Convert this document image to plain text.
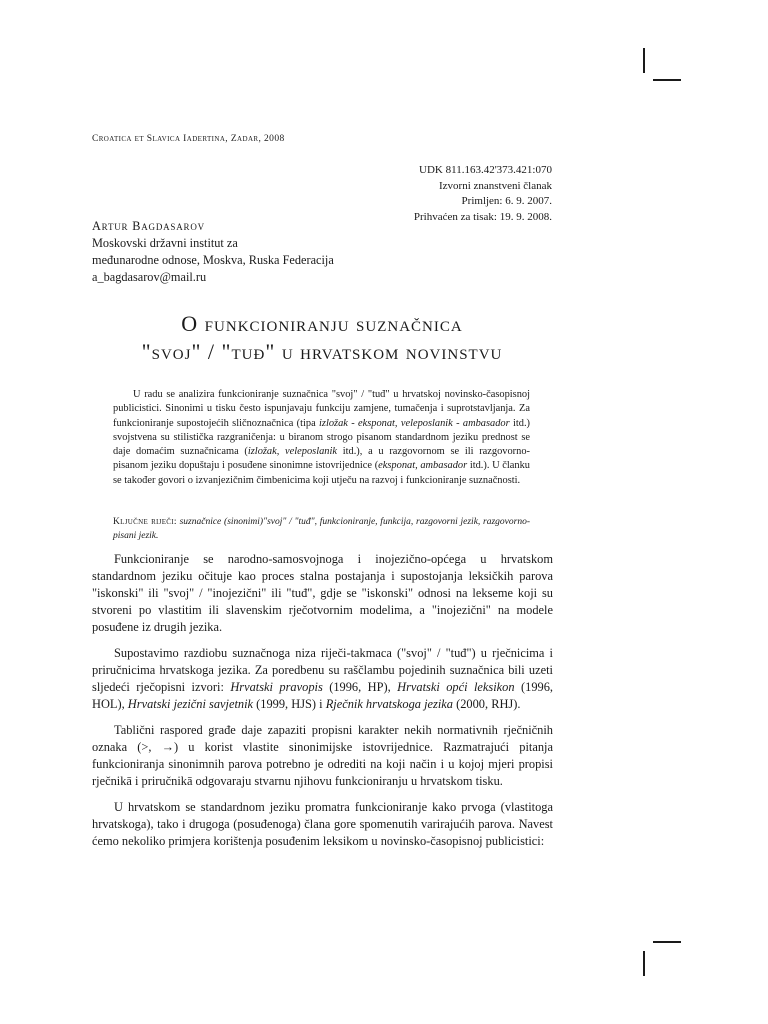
Croatica et Slavica Iadertina, Zadar, 2008
UDK 811.163.42'373.421:070
Izvorni znanstveni članak
Primljen: 6. 9. 2007.
Prihvaćen za tisak: 19. 9. 2008.
Artur Bagdasarov
Moskovski državni institut za
međunarodne odnose, Moskva, Ruska Federacija
a_bagdasarov@mail.ru
O funkcioniranju suznačnica
"svoj" / "tuđ" u hrvatskom novinstvu

U radu se analizira funkcioniranje suznačnica "svoj" / "tuđ" u hrvatskoj novinsko-časopisnoj publicistici. Sinonimi u tisku često ispunjavaju funkciju zamjene, tumačenja i suprotstavljanja. Za funkcioniranje supostojećih sličnoznačnica (tipa izložak - eksponat, veleposlanik - ambasador itd.) svojstvena su stilistička razgraničenja: u biranom strogo pisanom standardnom jeziku prednost se daje domaćim suznačnicama (izložak, veleposlanik itd.), a u razgovornom se ili razgovorno-pisanom jeziku dopuštaju i posuđene sinonimne istovrijednice (eksponat, ambasador itd.). U članku se također govori o izvanjezičnim čimbenicima koji utječu na razvoj i funkcioniranje suznačnosti.

Ključne riječi: suznačnice (sinonimi)"svoj" / "tuđ", funkcioniranje, funkcija, razgovorni jezik, razgovorno-pisani jezik.

Funkcioniranje se narodno-samosvojnoga i inojezično-općega u hrvatskom standardnom jeziku očituje kao proces stalna postajanja i supostojanja leksičkih parova "iskonski" ili "svoj" / "inojezični" ili "tuđ", gdje se "iskonski" odnosi na lekseme koji su stvoreni po vlastitim ili slavenskim rječotvornim modelima, a "inojezični" na modele posuđene iz drugih jezika.

Supostavimo razdiobu suznačnoga niza riječi-takmaca ("svoj" / "tuđ") u rječnicima i priručnicima hrvatskoga jezika. Za poredbenu su raščlambu pojedinih suznačnica bili uzeti sljedeći rječopisni izvori: Hrvatski pravopis (1996, HP), Hrvatski opći leksikon (1996, HOL), Hrvatski jezični savjetnik (1999, HJS) i Rječnik hrvatskoga jezika (2000, RHJ).

Tablični raspored građe daje zapaziti propisni karakter nekih normativnih rječničnih oznaka (>, →) u korist vlastite sinonimijske istovrijednice. Razmatrajući pitanja funkcioniranja sinonimnih parova potrebno je odrediti na koji način i u kojoj mjeri propisi rječnikā i priručnikā odgovaraju stvarnu njihovu funkcioniranju u hrvatskom tisku.

U hrvatskom se standardnom jeziku promatra funkcioniranje kako prvoga (vlastitoga hrvatskoga), tako i drugoga (posuđenoga) člana gore spomenutih varirajućih parova. Navest ćemo nekoliko primjera korištenja posuđenim leksikom u novinsko-časopisnoj publicistici:
